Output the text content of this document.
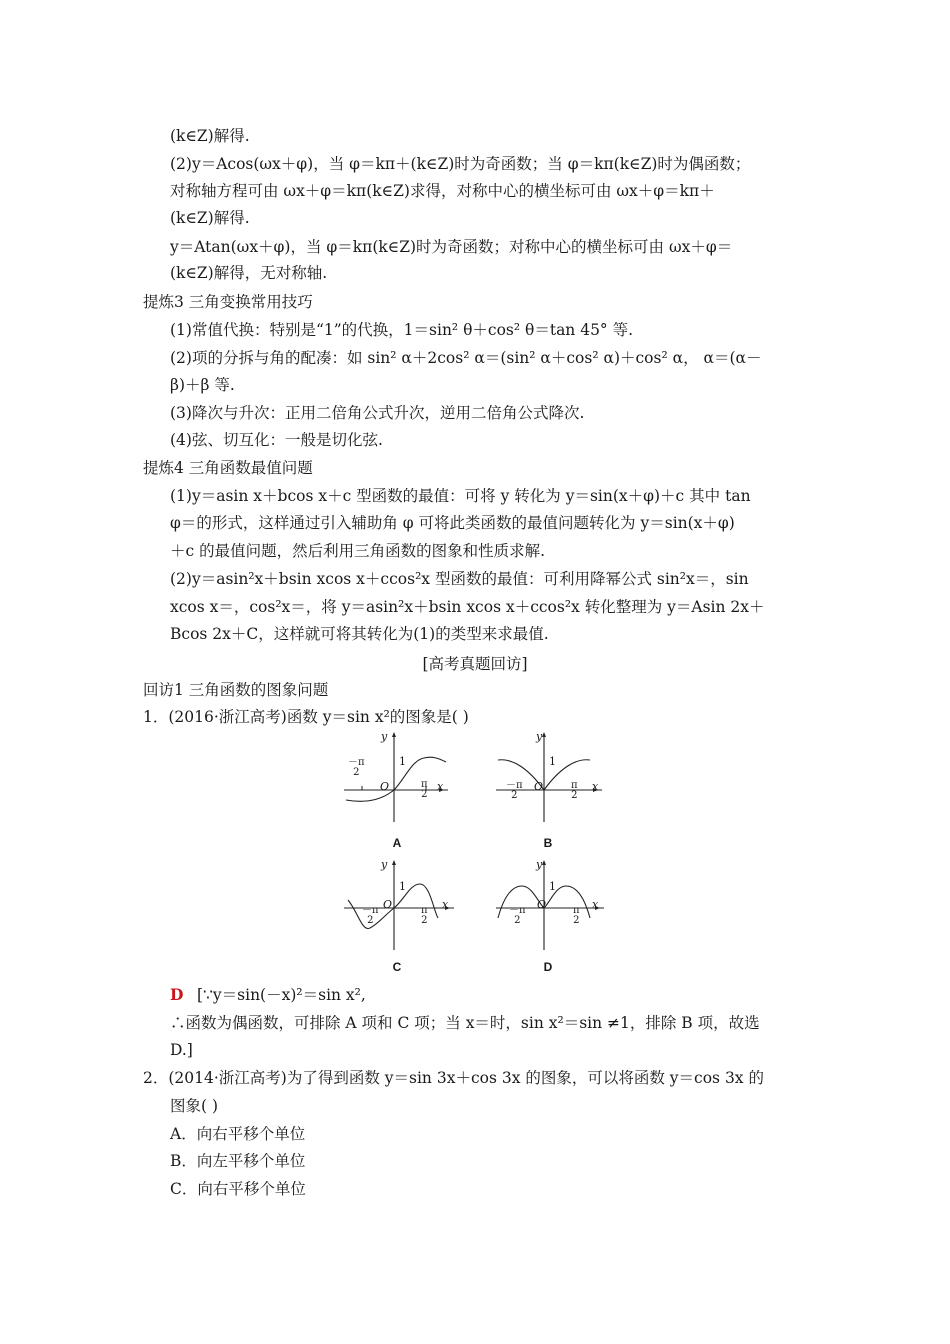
(k∈Z)解得.
(2)y＝Acos(ωx＋φ)，当 φ＝kπ＋(k∈Z)时为奇函数；当 φ＝kπ(k∈Z)时为偶函数；
对称轴方程可由 ωx＋φ＝kπ(k∈Z)求得，对称中心的横坐标可由 ωx＋φ＝kπ＋
(k∈Z)解得.
y＝Atan(ωx＋φ)，当 φ＝kπ(k∈Z)时为奇函数；对称中心的横坐标可由 ωx＋φ＝
(k∈Z)解得，无对称轴.
提炼3 三角变换常用技巧
(1)常值代换：特别是“1”的代换，1＝sin² θ＋cos² θ＝tan 45° 等.
(2)项的分拆与角的配凑：如 sin² α＋2cos² α＝(sin² α＋cos² α)＋cos² α， α＝(α－
β)＋β 等.
(3)降次与升次：正用二倍角公式升次，逆用二倍角公式降次.
(4)弦、切互化：一般是切化弦.
提炼4 三角函数最值问题
(1)y＝asin x＋bcos x＋c 型函数的最值：可将 y 转化为 y＝sin(x＋φ)＋c 其中 tan
φ＝的形式，这样通过引入辅助角 φ 可将此类函数的最值问题转化为 y＝sin(x＋φ)
＋c 的最值问题，然后利用三角函数的图象和性质求解.
(2)y＝asin²x＋bsin xcos x＋ccos²x 型函数的最值：可利用降幂公式 sin²x＝，sin
xcos x＝，cos²x＝，将 y＝asin²x＋bsin xcos x＋ccos²x 转化整理为 y＝Asin 2x＋
Bcos 2x＋C，这样就可将其转化为(1)的类型来求最值.
[高考真题回访]
回访1 三角函数的图象问题
1．(2016·浙江高考)函数 y＝sin x²的图象是( )
A	B
C	D
y
x
O
1
－π
2
π
2
y
x
O
1
－π
2
π
2
y
x
O
1
－π
2
π
2
y
x
O
1
－π
2
π
2
D [∵y＝sin(－x)²＝sin x²,
∴函数为偶函数，可排除 A 项和 C 项；当 x＝时，sin x²＝sin ≠1，排除 B 项，故选
D.]
2．(2014·浙江高考)为了得到函数 y＝sin 3x＋cos 3x 的图象，可以将函数 y＝cos 3x 的
图象( )
A．向右平移个单位
B．向左平移个单位
C．向右平移个单位
